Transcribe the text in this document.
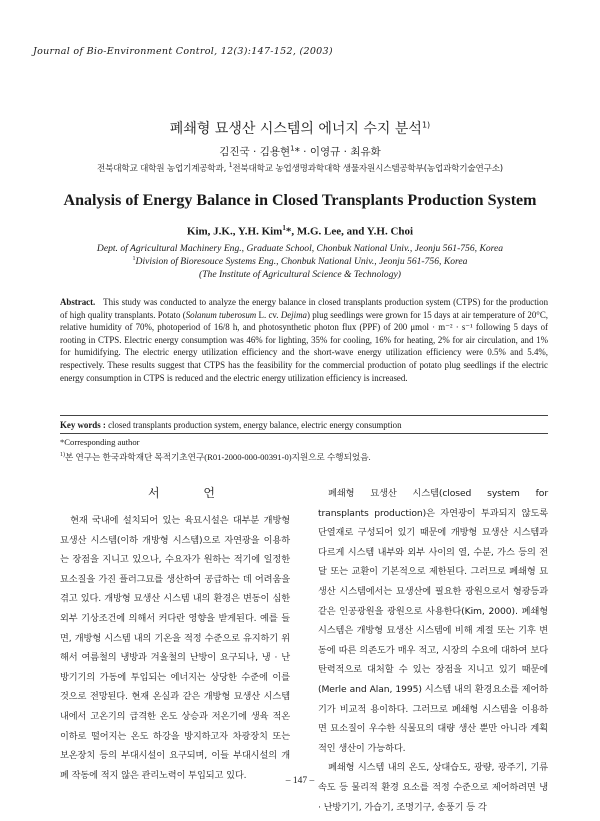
Journal of Bio-Environment Control, 12(3):147-152, (2003)
폐쇄형 묘생산 시스템의 에너지 수지 분석$^{1)}$
김진국 · 김용현$^1$* · 이영규 · 최유화
전북대학교 대학원 농업기계공학과, $^1$전북대학교 농업생명과학대학 생물자원시스템공학부(농업과학기술연구소)
Analysis of Energy Balance in Closed Transplants Production System
Kim, J.K., Y.H. Kim$^1$*, M.G. Lee, and Y.H. Choi
Dept. of Agricultural Machinery Eng., Graduate School, Chonbuk National Univ., Jeonju 561-756, Korea
$^1$Division of Bioresouce Systems Eng., Chonbuk National Univ., Jeonju 561-756, Korea
(The Institute of Agricultural Science & Technology)
Abstract. This study was conducted to analyze the energy balance in closed transplants production system (CTPS) for the production of high quality transplants. Potato (Solanum tuberosum L. cv. Dejima) plug seedlings were grown for 15 days at air temperature of 20°C, relative humidity of 70%, photoperiod of 16/8 h, and photosynthetic photon flux (PPF) of 200 μmol · m⁻² · s⁻¹ following 5 days of rooting in CTPS. Electric energy consumption was 46% for lighting, 35% for cooling, 16% for heating, 2% for air circulation, and 1% for humidifying. The electric energy utilization efficiency and the short-wave energy utilization efficiency were 0.5% and 5.4%, respectively. These results suggest that CTPS has the feasibility for the commercial production of potato plug seedlings if the electric energy consumption in CTPS is reduced and the electric energy utilization efficiency is increased.
Key words : closed transplants production system, energy balance, electric energy consumption
*Corresponding author
$^{1)}$본 연구는 한국과학재단 목적기초연구(R01-2000-000-00391-0)지원으로 수행되었음.
서 언

현재 국내에 설치되어 있는 육묘시설은 대부분 개방형 묘생산 시스템(이하 개방형 시스템)으로 자연광을 이용하는 장점을 지니고 있으나, 수요자가 원하는 적기에 일정한 묘소질을 가진 플러그묘를 생산하여 공급하는 데 어려움을 겪고 있다. 개방형 묘생산 시스템 내의 환경은 변동이 심한 외부 기상조건에 의해서 커다란 영향을 받게된다. 예를 들면, 개방형 시스템 내의 기온을 적정 수준으로 유지하기 위해서 여름철의 냉방과 겨울철의 난방이 요구되나, 냉 · 난방기기의 가동에 투입되는 에너지는 상당한 수준에 이를 것으로 전망된다. 현재 온실과 같은 개방형 묘생산 시스템 내에서 고온기의 급격한 온도 상승과 저온기에 생육 적온 이하로 떨어지는 온도 하강을 방지하고자 차광장치 또는 보온장치 등의 부대시설이 요구되며, 이들 부대시설의 개폐 작동에 적지 않은 관리노력이 투입되고 있다.

폐쇄형 묘생산 시스템(closed system for transplants production)은 자연광이 투과되지 않도록 단열재로 구성되어 있기 때문에 개방형 묘생산 시스템과 다르게 시스템 내부와 외부 사이의 열, 수분, 가스 등의 전달 또는 교환이 기본적으로 제한된다. 그러므로 폐쇄형 묘생산 시스템에서는 묘생산에 필요한 광원으로서 형광등과 같은 인공광원을 광원으로 사용한다(Kim, 2000). 폐쇄형 시스템은 개방형 묘생산 시스템에 비해 계절 또는 기후 변동에 따른 의존도가 매우 적고, 시장의 수요에 대하여 보다 탄력적으로 대처할 수 있는 장점을 지니고 있기 때문에(Merle and Alan, 1995) 시스템 내의 환경요소를 제어하기가 비교적 용이하다. 그러므로 폐쇄형 시스템을 이용하면 묘소질이 우수한 식물묘의 대량 생산 뿐만 아니라 계획적인 생산이 가능하다.

폐쇄형 시스템 내의 온도, 상대습도, 광량, 광주기, 기류속도 등 물리적 환경 요소를 적정 수준으로 제어하려면 냉 · 난방기기, 가습기, 조명기구, 송풍기 등 각

– 147 –
